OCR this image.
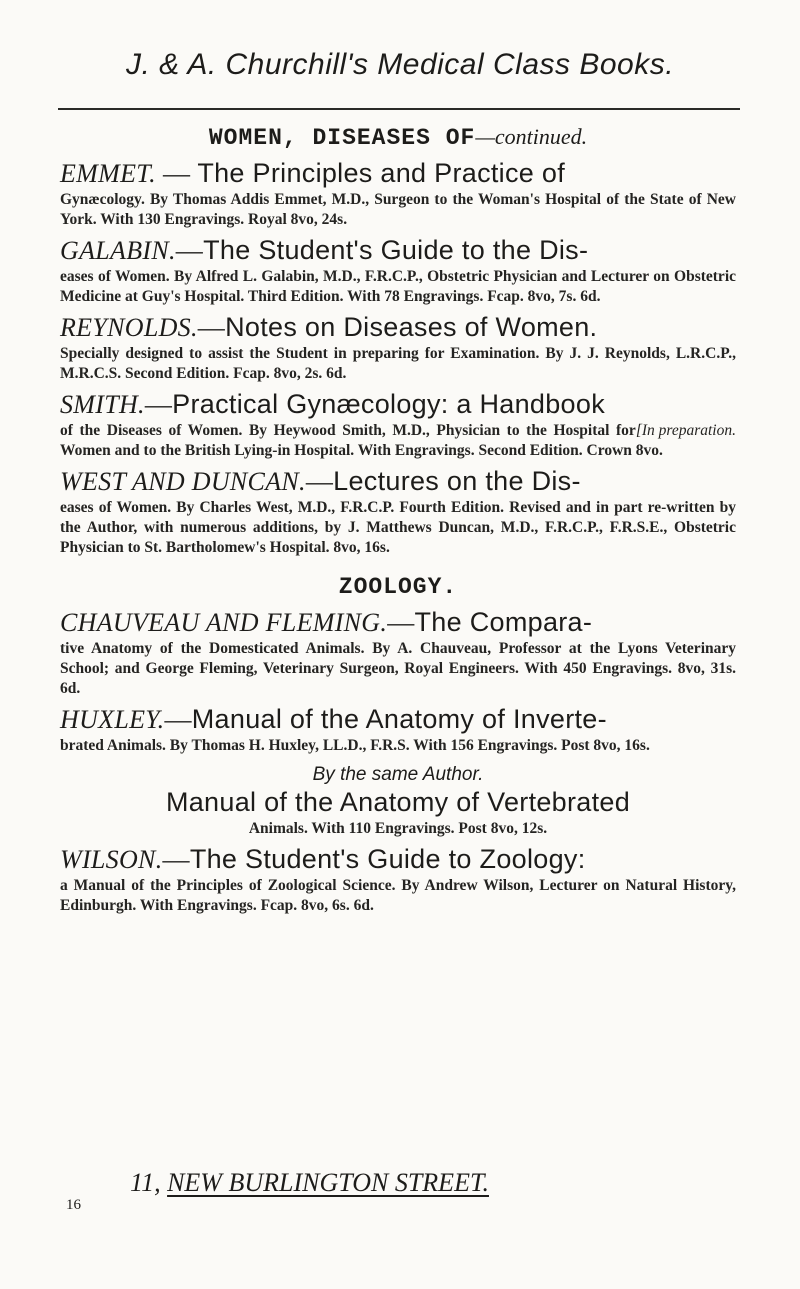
J. & A. Churchill's Medical Class Books.
WOMEN, DISEASES OF—continued.
EMMET. — The Principles and Practice of
Gynæcology. By Thomas Addis Emmet, M.D., Surgeon to the Woman's Hospital of the State of New York. With 130 Engravings. Royal 8vo, 24s.
GALABIN.—The Student's Guide to the Dis-
eases of Women. By Alfred L. Galabin, M.D., F.R.C.P., Obstetric Physician and Lecturer on Obstetric Medicine at Guy's Hospital. Third Edition. With 78 Engravings. Fcap. 8vo, 7s. 6d.
REYNOLDS.—Notes on Diseases of Women.
Specially designed to assist the Student in preparing for Examination. By J. J. Reynolds, L.R.C.P., M.R.C.S. Second Edition. Fcap. 8vo, 2s. 6d.
SMITH.—Practical Gynæcology: a Handbook
[In preparation.
of the Diseases of Women. By Heywood Smith, M.D., Physician to the Hospital for Women and to the British Lying-in Hospital. With Engravings. Second Edition. Crown 8vo.
WEST AND DUNCAN.—Lectures on the Dis-
eases of Women. By Charles West, M.D., F.R.C.P. Fourth Edition. Revised and in part re-written by the Author, with numerous additions, by J. Matthews Duncan, M.D., F.R.C.P., F.R.S.E., Obstetric Physician to St. Bartholomew's Hospital. 8vo, 16s.
ZOOLOGY.
CHAUVEAU AND FLEMING.—The Compara-
tive Anatomy of the Domesticated Animals. By A. Chauveau, Professor at the Lyons Veterinary School; and George Fleming, Veterinary Surgeon, Royal Engineers. With 450 Engravings. 8vo, 31s. 6d.
HUXLEY.—Manual of the Anatomy of Inverte-
brated Animals. By Thomas H. Huxley, LL.D., F.R.S. With 156 Engravings. Post 8vo, 16s.
By the same Author.
Manual of the Anatomy of Vertebrated
Animals. With 110 Engravings. Post 8vo, 12s.
WILSON.—The Student's Guide to Zoology:
a Manual of the Principles of Zoological Science. By Andrew Wilson, Lecturer on Natural History, Edinburgh. With Engravings. Fcap. 8vo, 6s. 6d.
11, NEW BURLINGTON STREET.
16
